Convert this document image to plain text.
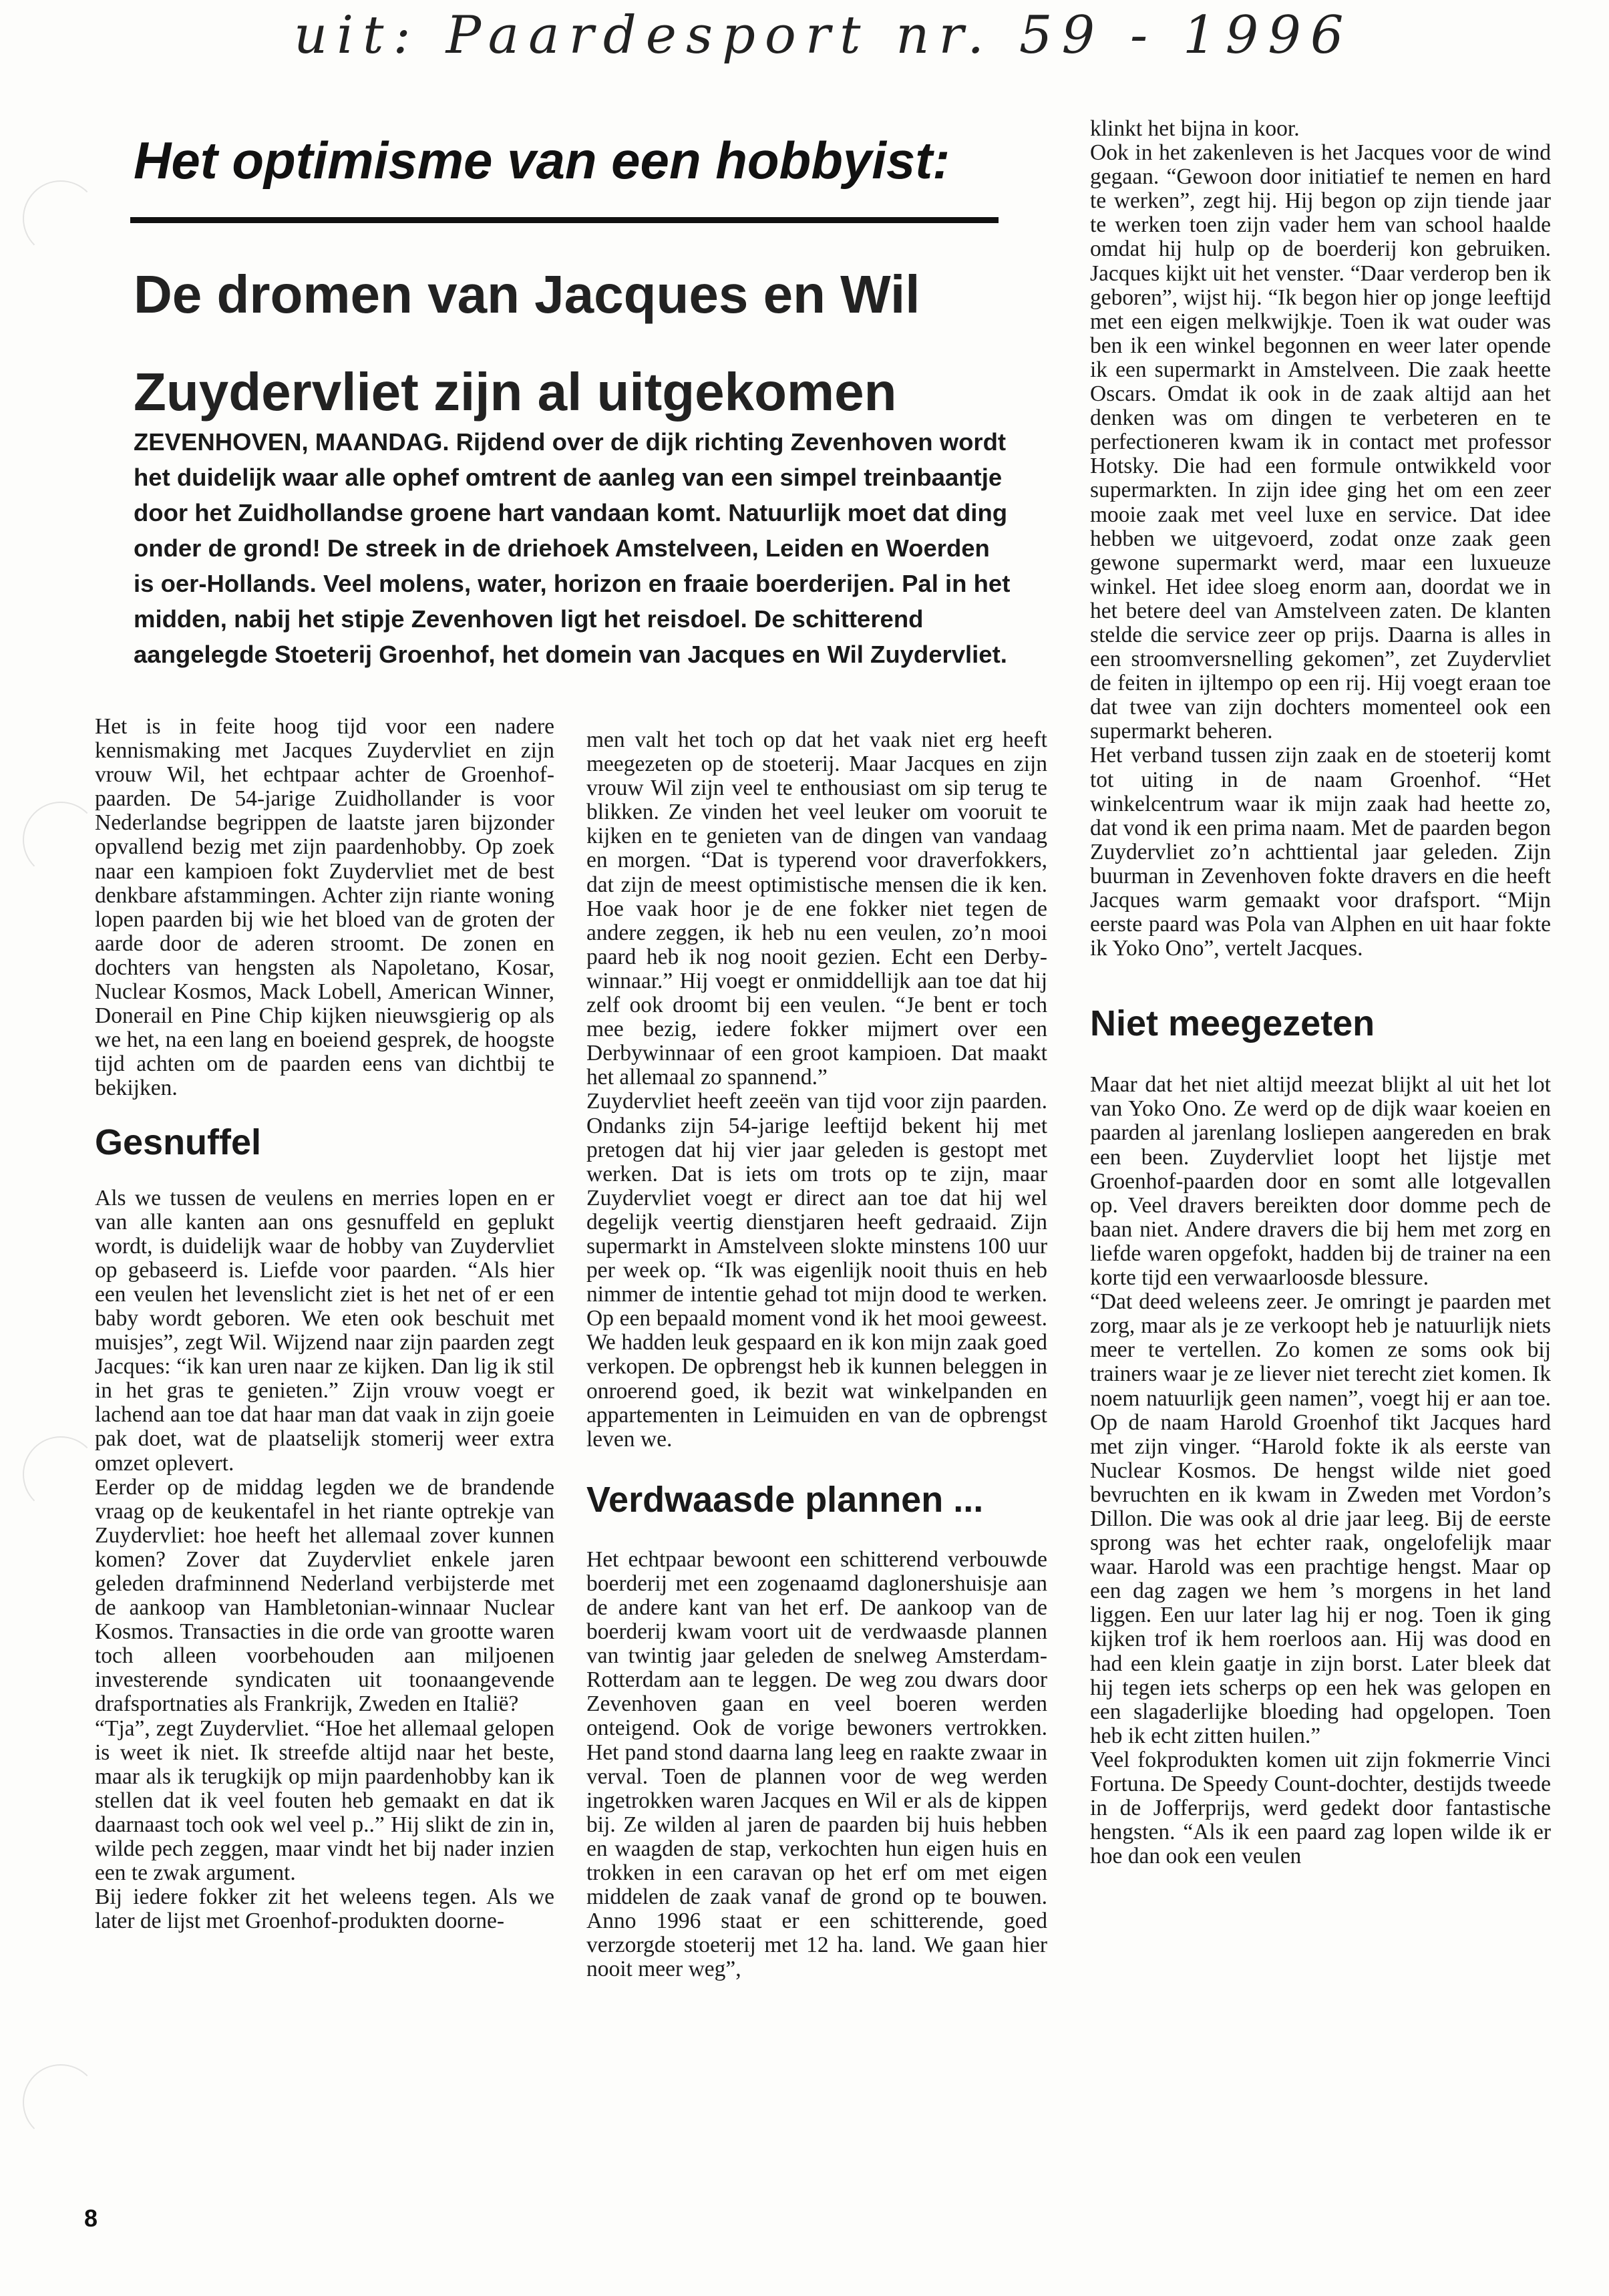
uit: Paardesport nr. 59 - 1996
Het optimisme van een hobbyist:
De dromen van Jacques en Wil Zuydervliet zijn al uitgekomen

ZEVENHOVEN, MAANDAG. Rijdend over de dijk richting Zevenhoven wordt het duidelijk waar alle ophef omtrent de aanleg van een simpel treinbaantje door het Zuidhollandse groene hart vandaan komt. Natuurlijk moet dat ding onder de grond! De streek in de driehoek Amstelveen, Leiden en Woerden is oer-Hollands. Veel molens, water, horizon en fraaie boerderijen. Pal in het midden, nabij het stipje Zevenhoven ligt het reisdoel. De schitterend aangelegde Stoeterij Groenhof, het domein van Jacques en Wil Zuydervliet.

Het is in feite hoog tijd voor een nadere kennismaking met Jacques Zuydervliet en zijn vrouw Wil, het echtpaar achter de Groenhof-paarden. De 54-jarige Zuidhollander is voor Nederlandse begrippen de laatste jaren bijzonder opvallend bezig met zijn paardenhobby. Op zoek naar een kampioen fokt Zuydervliet met de best denkbare afstammingen. Achter zijn riante woning lopen paarden bij wie het bloed van de groten der aarde door de aderen stroomt. De zonen en dochters van hengsten als Napoletano, Kosar, Nuclear Kosmos, Mack Lobell, American Winner, Donerail en Pine Chip kijken nieuwsgierig op als we het, na een lang en boeiend gesprek, de hoogste tijd achten om de paarden eens van dichtbij te bekijken.

Gesnuffel

Als we tussen de veulens en merries lopen en er van alle kanten aan ons gesnuffeld en geplukt wordt, is duidelijk waar de hobby van Zuydervliet op gebaseerd is. Liefde voor paarden. “Als hier een veulen het levenslicht ziet is het net of er een baby wordt geboren. We eten ook beschuit met muisjes”, zegt Wil. Wijzend naar zijn paarden zegt Jacques: “ik kan uren naar ze kijken. Dan lig ik stil in het gras te genieten.” Zijn vrouw voegt er lachend aan toe dat haar man dat vaak in zijn goeie pak doet, wat de plaatselijk stomerij weer extra omzet oplevert.

Eerder op de middag legden we de brandende vraag op de keukentafel in het riante optrekje van Zuydervliet: hoe heeft het allemaal zover kunnen komen? Zover dat Zuydervliet enkele jaren geleden drafminnend Nederland verbijsterde met de aankoop van Hambletonian-winnaar Nuclear Kosmos. Transacties in die orde van grootte waren toch alleen voorbehouden aan miljoenen investerende syndicaten uit toonaangevende drafsportnaties als Frankrijk, Zweden en Italië?

“Tja”, zegt Zuydervliet. “Hoe het allemaal gelopen is weet ik niet. Ik streefde altijd naar het beste, maar als ik terugkijk op mijn paardenhobby kan ik stellen dat ik veel fouten heb gemaakt en dat ik daarnaast toch ook wel veel p..” Hij slikt de zin in, wilde pech zeggen, maar vindt het bij nader inzien een te zwak argument.

Bij iedere fokker zit het weleens tegen. Als we later de lijst met Groenhof-produkten doorne-

men valt het toch op dat het vaak niet erg heeft meegezeten op de stoeterij. Maar Jacques en zijn vrouw Wil zijn veel te enthousiast om sip terug te blikken. Ze vinden het veel leuker om vooruit te kijken en te genieten van de dingen van vandaag en morgen. “Dat is typerend voor draverfokkers, dat zijn de meest optimistische mensen die ik ken. Hoe vaak hoor je de ene fokker niet tegen de andere zeggen, ik heb nu een veulen, zo’n mooi paard heb ik nog nooit gezien. Echt een Derby-winnaar.” Hij voegt er onmiddellijk aan toe dat hij zelf ook droomt bij een veulen. “Je bent er toch mee bezig, iedere fokker mijmert over een Derbywinnaar of een groot kampioen. Dat maakt het allemaal zo spannend.”

Zuydervliet heeft zeeën van tijd voor zijn paarden. Ondanks zijn 54-jarige leeftijd bekent hij met pretogen dat hij vier jaar geleden is gestopt met werken. Dat is iets om trots op te zijn, maar Zuydervliet voegt er direct aan toe dat hij wel degelijk veertig dienstjaren heeft gedraaid. Zijn supermarkt in Amstelveen slokte minstens 100 uur per week op. “Ik was eigenlijk nooit thuis en heb nimmer de intentie gehad tot mijn dood te werken. Op een bepaald moment vond ik het mooi geweest. We hadden leuk gespaard en ik kon mijn zaak goed verkopen. De opbrengst heb ik kunnen beleggen in onroerend goed, ik bezit wat winkelpanden en appartementen in Leimuiden en van de opbrengst leven we.

Verdwaasde plannen ...

Het echtpaar bewoont een schitterend verbouwde boerderij met een zogenaamd daglonershuisje aan de andere kant van het erf. De aankoop van de boerderij kwam voort uit de verdwaasde plannen van twintig jaar geleden de snelweg Amsterdam-Rotterdam aan te leggen. De weg zou dwars door Zevenhoven gaan en veel boeren werden onteigend. Ook de vorige bewoners vertrokken. Het pand stond daarna lang leeg en raakte zwaar in verval. Toen de plannen voor de weg werden ingetrokken waren Jacques en Wil er als de kippen bij. Ze wilden al jaren de paarden bij huis hebben en waagden de stap, verkochten hun eigen huis en trokken in een caravan op het erf om met eigen middelen de zaak vanaf de grond op te bouwen. Anno 1996 staat er een schitterende, goed verzorgde stoeterij met 12 ha. land. We gaan hier nooit meer weg”,

klinkt het bijna in koor.

Ook in het zakenleven is het Jacques voor de wind gegaan. “Gewoon door initiatief te nemen en hard te werken”, zegt hij. Hij begon op zijn tiende jaar te werken toen zijn vader hem van school haalde omdat hij hulp op de boerderij kon gebruiken. Jacques kijkt uit het venster. “Daar verderop ben ik geboren”, wijst hij. “Ik begon hier op jonge leeftijd met een eigen melkwijkje. Toen ik wat ouder was ben ik een winkel begonnen en weer later opende ik een supermarkt in Amstelveen. Die zaak heette Oscars. Omdat ik ook in de zaak altijd aan het denken was om dingen te verbeteren en te perfectioneren kwam ik in contact met professor Hotsky. Die had een formule ontwikkeld voor supermarkten. In zijn idee ging het om een zeer mooie zaak met veel luxe en service. Dat idee hebben we uitgevoerd, zodat onze zaak geen gewone supermarkt werd, maar een luxueuze winkel. Het idee sloeg enorm aan, doordat we in het betere deel van Amstelveen zaten. De klanten stelde die service zeer op prijs. Daarna is alles in een stroomversnelling gekomen”, zet Zuydervliet de feiten in ijltempo op een rij. Hij voegt eraan toe dat twee van zijn dochters momenteel ook een supermarkt beheren.

Het verband tussen zijn zaak en de stoeterij komt tot uiting in de naam Groenhof. “Het winkelcentrum waar ik mijn zaak had heette zo, dat vond ik een prima naam. Met de paarden begon Zuydervliet zo’n achttiental jaar geleden. Zijn buurman in Zevenhoven fokte dravers en die heeft Jacques warm gemaakt voor drafsport. “Mijn eerste paard was Pola van Alphen en uit haar fokte ik Yoko Ono”, vertelt Jacques.

Niet meegezeten

Maar dat het niet altijd meezat blijkt al uit het lot van Yoko Ono. Ze werd op de dijk waar koeien en paarden al jarenlang losliepen aangereden en brak een been. Zuydervliet loopt het lijstje met Groenhof-paarden door en somt alle lotgevallen op. Veel dravers bereikten door domme pech de baan niet. Andere dravers die bij hem met zorg en liefde waren opgefokt, hadden bij de trainer na een korte tijd een verwaarloosde blessure.

“Dat deed weleens zeer. Je omringt je paarden met zorg, maar als je ze verkoopt heb je natuurlijk niets meer te vertellen. Zo komen ze soms ook bij trainers waar je ze liever niet terecht ziet komen. Ik noem natuurlijk geen namen”, voegt hij er aan toe. Op de naam Harold Groenhof tikt Jacques hard met zijn vinger. “Harold fokte ik als eerste van Nuclear Kosmos. De hengst wilde niet goed bevruchten en ik kwam in Zweden met Vordon’s Dillon. Die was ook al drie jaar leeg. Bij de eerste sprong was het echter raak, ongelofelijk maar waar. Harold was een prachtige hengst. Maar op een dag zagen we hem ’s morgens in het land liggen. Een uur later lag hij er nog. Toen ik ging kijken trof ik hem roerloos aan. Hij was dood en had een klein gaatje in zijn borst. Later bleek dat hij tegen iets scherps op een hek was gelopen en een slagaderlijke bloeding had opgelopen. Toen heb ik echt zitten huilen.”

Veel fokprodukten komen uit zijn fokmerrie Vinci Fortuna. De Speedy Count-dochter, destijds tweede in de Jofferprijs, werd gedekt door fantastische hengsten. “Als ik een paard zag lopen wilde ik er hoe dan ook een veulen

8
